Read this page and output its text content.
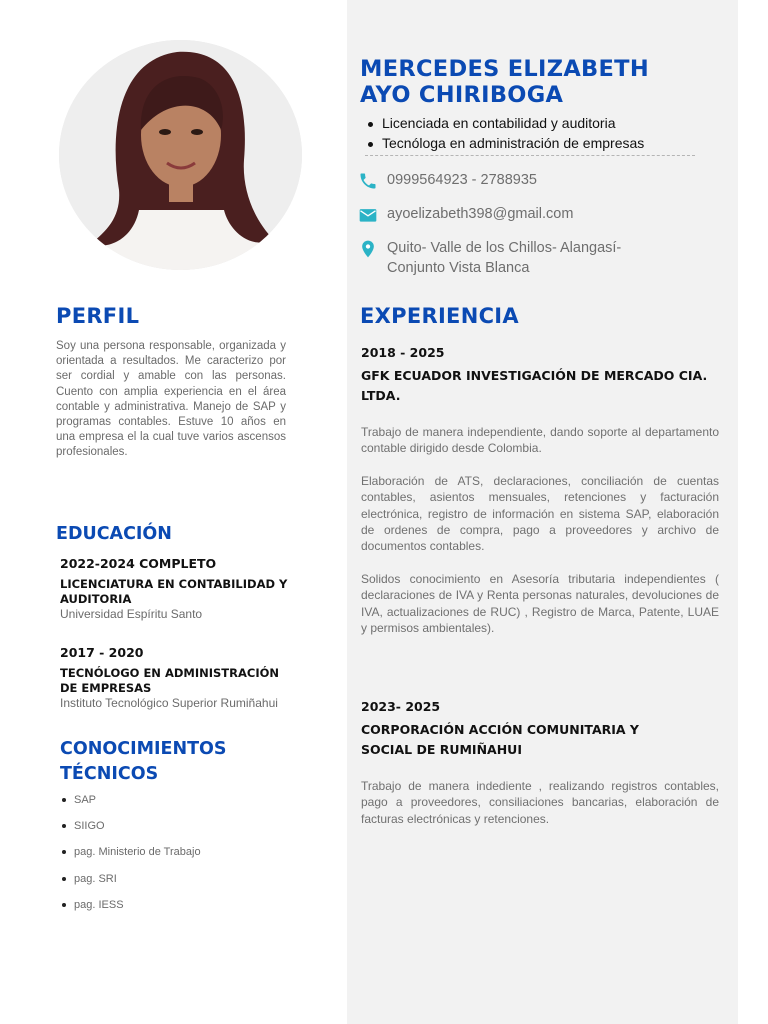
MERCEDES ELIZABETH
AYO CHIRIBOGA
Licenciada en contabilidad y auditoria
Tecnóloga en administración de empresas
0999564923 - 2788935
ayoelizabeth398@gmail.com
Quito- Valle de los Chillos- Alangasí-
Conjunto Vista Blanca
PERFIL
Soy una persona responsable, organizada y orientada a resultados. Me caracterizo por ser cordial y amable con las personas. Cuento con amplia experiencia en el área contable y administrativa. Manejo de SAP y programas contables. Estuve 10 años en una empresa el la cual tuve varios ascensos profesionales.
EDUCACIÓN
2022-2024 COMPLETO
LICENCIATURA EN CONTABILIDAD Y AUDITORIA
Universidad Espíritu Santo
2017 - 2020
TECNÓLOGO EN ADMINISTRACIÓN DE EMPRESAS
Instituto Tecnológico Superior Rumiñahui
CONOCIMIENTOS TÉCNICOS
SAP
SIIGO
pag. Ministerio de Trabajo
pag. SRI
pag. IESS
EXPERIENCIA
2018 - 2025
GFK ECUADOR INVESTIGACIÓN DE MERCADO CIA. LTDA.
Trabajo de manera independiente, dando soporte al departamento contable dirigido desde Colombia.
Elaboración de ATS, declaraciones, conciliación de cuentas contables, asientos mensuales, retenciones y facturación electrónica, registro de información en sistema SAP, elaboración de ordenes de compra, pago a proveedores y archivo de documentos contables.
Solidos conocimiento en Asesoría tributaria independientes ( declaraciones de IVA y Renta personas naturales, devoluciones de IVA, actualizaciones de RUC) , Registro de Marca, Patente, LUAE y permisos ambientales).
2023- 2025
CORPORACIÓN ACCIÓN COMUNITARIA Y SOCIAL DE RUMIÑAHUI
Trabajo de manera indediente , realizando registros contables, pago a proveedores, consiliaciones bancarias, elaboración de facturas electrónicas y retenciones.
